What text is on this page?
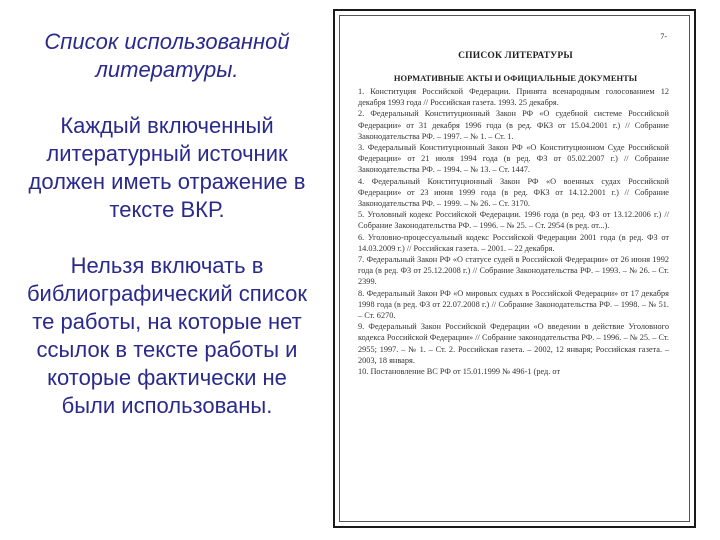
Список использованной литературы.

Каждый включенный литературный источник должен иметь отражение в тексте ВКР.

Нельзя включать в библиографический список те работы, на которые нет ссылок в тексте работы и которые фактически не были использованы.

7-
СПИСОК ЛИТЕРАТУРЫ
НОРМАТИВНЫЕ АКТЫ И ОФИЦИАЛЬНЫЕ ДОКУМЕНТЫ
1. Конституция Российской Федерации. Принята всенародным голосованием 12 декабря 1993 года // Российская газета. 1993. 25 декабря.
2. Федеральный Конституционный Закон РФ «О судебной системе Российской Федерации» от 31 декабря 1996 года (в ред. ФКЗ от 15.04.2001 г.) // Собрание Законодательства РФ. – 1997. – № 1. – Ст. 1.
3. Федеральный Конституционный Закон РФ «О Конституционном Суде Российской Федерации» от 21 июля 1994 года (в ред. ФЗ от 05.02.2007 г.) // Собрание Законодательства РФ. – 1994. – № 13. – Ст. 1447.
4. Федеральный Конституционный Закон РФ «О военных судах Российской Федерации» от 23 июня 1999 года (в ред. ФКЗ от 14.12.2001 г.) // Собрание Законодательства РФ. – 1999. – № 26. – Ст. 3170.
5. Уголовный кодекс Российской Федерации. 1996 года (в ред. ФЗ от 13.12.2006 г.) // Собрание Законодательства РФ. – 1996. – № 25. – Ст. 2954 (в ред. от...).
6. Уголовно-процессуальный кодекс Российской Федерации 2001 года (в ред. ФЗ от 14.03.2009 г.) // Российская газета. – 2001. – 22 декабря.
7. Федеральный Закон РФ «О статусе судей в Российской Федерации» от 26 июня 1992 года (в ред. ФЗ от 25.12.2008 г.) // Собрание Законодательства РФ. – 1993. – № 26. – Ст. 2399.
8. Федеральный Закон РФ «О мировых судьях в Российской Федерации» от 17 декабря 1998 года (в ред. ФЗ от 22.07.2008 г.) // Собрание Законодательства РФ. – 1998. – № 51. – Ст. 6270.
9. Федеральный Закон Российской Федерации «О введении в действие Уголовного кодекса Российской Федерации» // Собрание законодательства РФ. – 1996. – № 25. – Ст. 2955; 1997. – № 1. – Ст. 2. Российская газета. – 2002, 12 января; Российская газета. – 2003, 18 января.
10. Постановление ВС РФ от 15.01.1999 № 496-1 (ред. от
